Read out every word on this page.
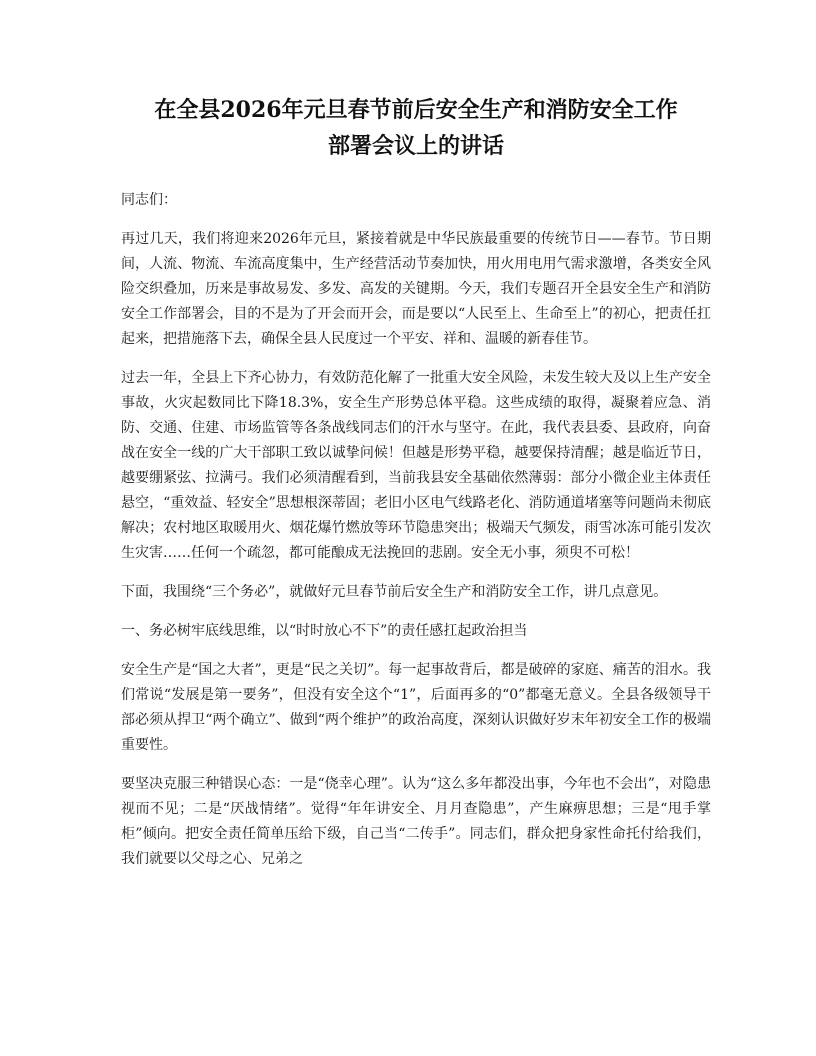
在全县2026年元旦春节前后安全生产和消防安全工作
部署会议上的讲话

同志们：

再过几天，我们将迎来2026年元旦，紧接着就是中华民族最重要的传统节日——春节。节日期间，人流、物流、车流高度集中，生产经营活动节奏加快，用火用电用气需求激增，各类安全风险交织叠加，历来是事故易发、多发、高发的关键期。今天，我们专题召开全县安全生产和消防安全工作部署会，目的不是为了开会而开会，而是要以“人民至上、生命至上”的初心，把责任扛起来，把措施落下去，确保全县人民度过一个平安、祥和、温暖的新春佳节。

过去一年，全县上下齐心协力，有效防范化解了一批重大安全风险，未发生较大及以上生产安全事故，火灾起数同比下降18.3%，安全生产形势总体平稳。这些成绩的取得，凝聚着应急、消防、交通、住建、市场监管等各条战线同志们的汗水与坚守。在此，我代表县委、县政府，向奋战在安全一线的广大干部职工致以诚挚问候！但越是形势平稳，越要保持清醒；越是临近节日，越要绷紧弦、拉满弓。我们必须清醒看到，当前我县安全基础依然薄弱：部分小微企业主体责任悬空，“重效益、轻安全”思想根深蒂固；老旧小区电气线路老化、消防通道堵塞等问题尚未彻底解决；农村地区取暖用火、烟花爆竹燃放等环节隐患突出；极端天气频发，雨雪冰冻可能引发次生灾害……任何一个疏忽，都可能酿成无法挽回的悲剧。安全无小事，须臾不可松！

下面，我围绕“三个务必”，就做好元旦春节前后安全生产和消防安全工作，讲几点意见。

一、务必树牢底线思维，以“时时放心不下”的责任感扛起政治担当

安全生产是“国之大者”，更是“民之关切”。每一起事故背后，都是破碎的家庭、痛苦的泪水。我们常说“发展是第一要务”，但没有安全这个“1”，后面再多的“0”都毫无意义。全县各级领导干部必须从捍卫“两个确立”、做到“两个维护”的政治高度，深刻认识做好岁末年初安全工作的极端重要性。

要坚决克服三种错误心态：一是“侥幸心理”。认为“这么多年都没出事，今年也不会出”，对隐患视而不见；二是“厌战情绪”。觉得“年年讲安全、月月查隐患”，产生麻痹思想；三是“甩手掌柜”倾向。把安全责任简单压给下级，自己当“二传手”。同志们，群众把身家性命托付给我们，我们就要以父母之心、兄弟之
